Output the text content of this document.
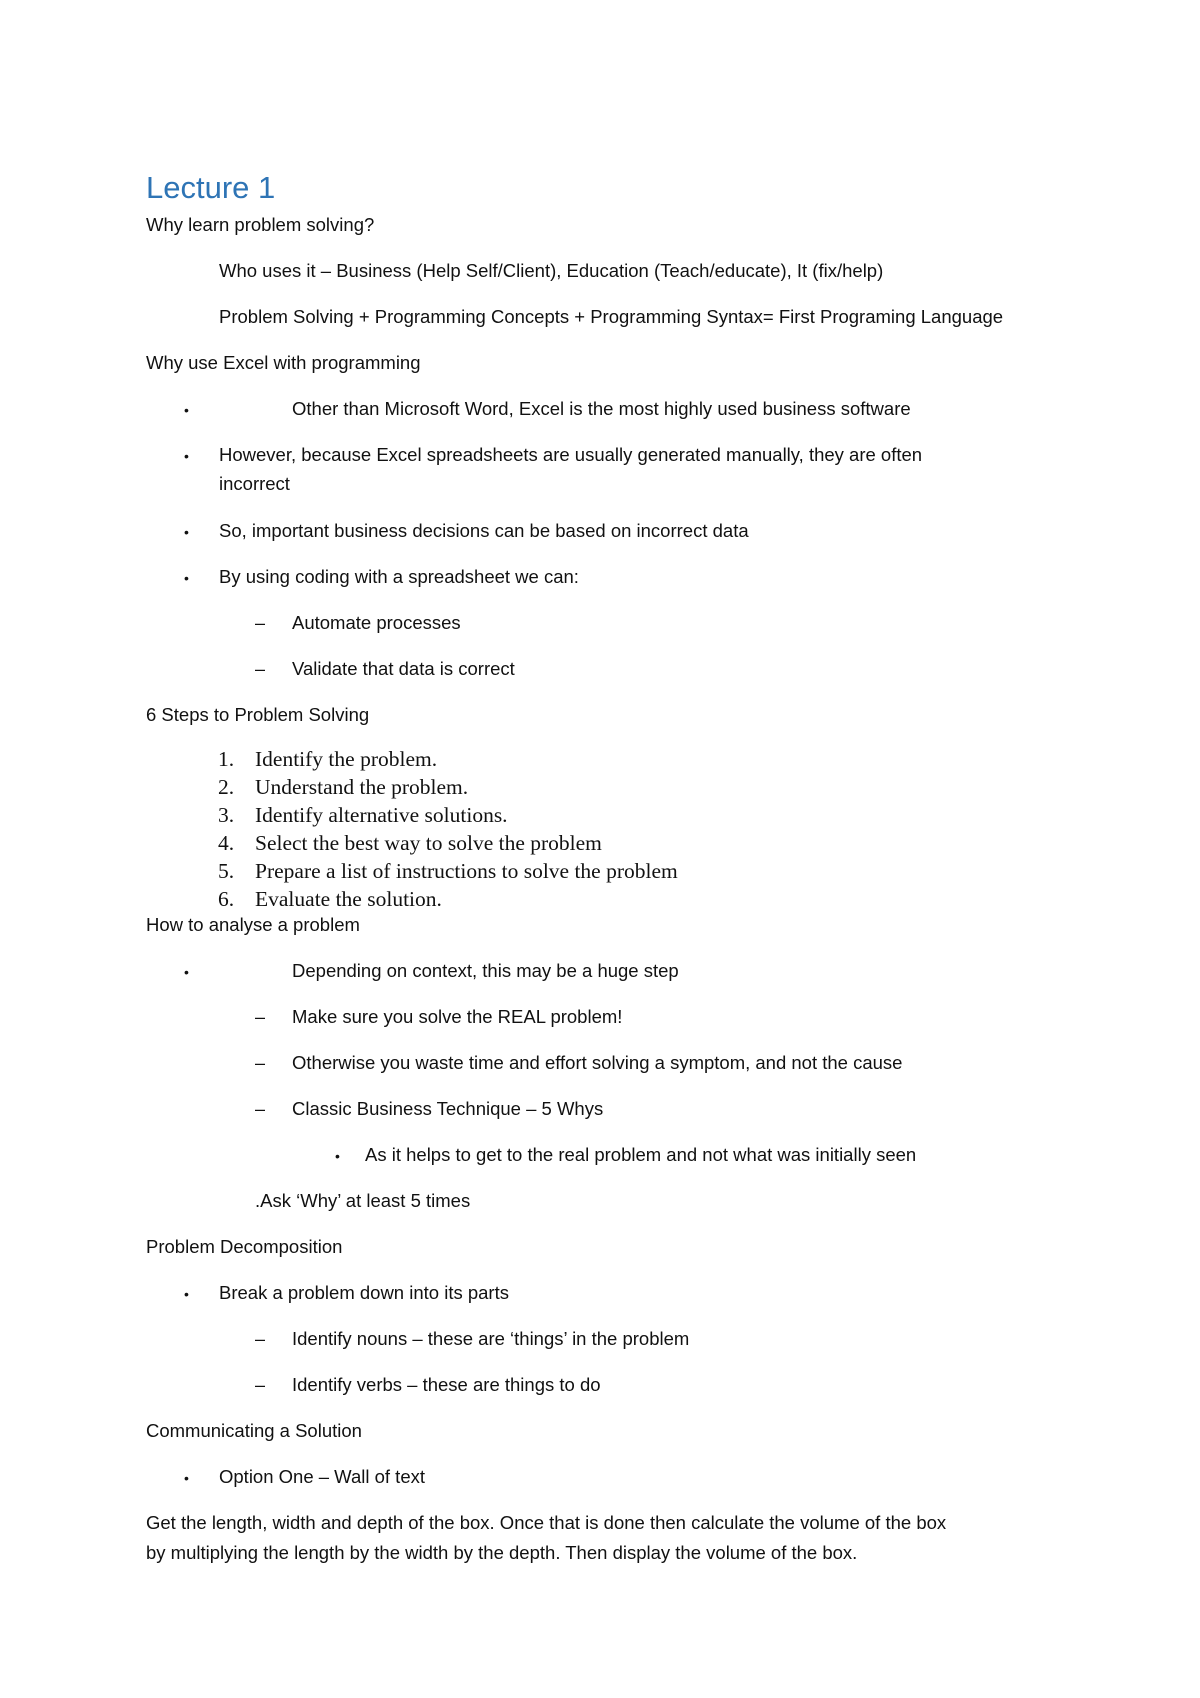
Lecture 1
Why learn problem solving?
Who uses it – Business (Help Self/Client), Education (Teach/educate), It (fix/help)
Problem Solving + Programming Concepts + Programming Syntax= First Programing Language
Why use Excel with programming
•	Other than Microsoft Word, Excel is the most highly used business software
• However, because Excel spreadsheets are usually generated manually, they are often
incorrect
• So, important business decisions can be based on incorrect data
• By using coding with a spreadsheet we can:
– Automate processes
– Validate that data is correct
6 Steps to Problem Solving
1. Identify the problem.
2. Understand the problem.
3. Identify alternative solutions.
4. Select the best way to solve the problem
5. Prepare a list of instructions to solve the problem
6. Evaluate the solution.
How to analyse a problem
•	Depending on context, this may be a huge step
– Make sure you solve the REAL problem!
– Otherwise you waste time and effort solving a symptom, and not the cause
– Classic Business Technique – 5 Whys
• As it helps to get to the real problem and not what was initially seen
.Ask ‘Why’ at least 5 times
Problem Decomposition
• Break a problem down into its parts
– Identify nouns – these are ‘things’ in the problem
– Identify verbs – these are things to do
Communicating a Solution
• Option One – Wall of text
Get the length, width and depth of the box. Once that is done then calculate the volume of the box
by multiplying the length by the width by the depth. Then display the volume of the box.
